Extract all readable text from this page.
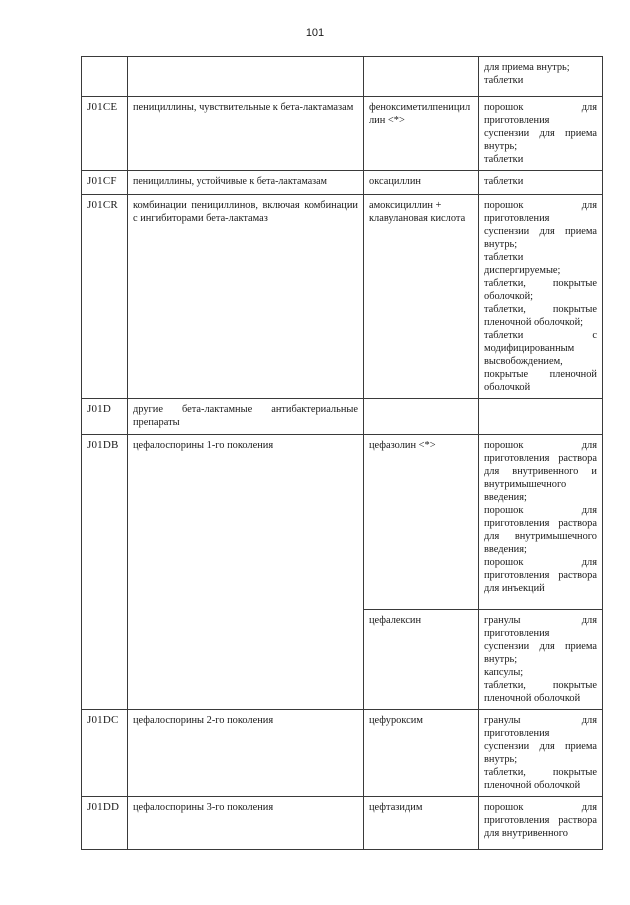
101

			для приема внутрь;
таблетки

J01CE	пенициллины, чувствительные к бета-лактамазам	феноксиметилпенициллин <*>	порошок для приготовления суспензии для приема внутрь;
таблетки

J01CF	пенициллины, устойчивые к бета-лактамазам	оксациллин	таблетки

J01CR	комбинации пенициллинов, включая комбинации с ингибиторами бета-лактамаз	амоксициллин + клавулановая кислота	порошок для приготовления суспензии для приема внутрь;
таблетки диспергируемые;
таблетки, покрытые оболочкой;
таблетки, покрытые пленочной оболочкой;
таблетки с модифицированным высвобождением, покрытые пленочной оболочкой

J01D	другие бета-лактамные антибактериальные препараты		
J01DB	цефалоспорины 1-го поколения	цефазолин <*>	порошок для приготовления раствора для внутривенного и внутримышечного введения;
порошок для приготовления раствора для внутримышечного введения;
порошок для приготовления раствора для инъекций

		цефалексин	гранулы для приготовления суспензии для приема внутрь;
капсулы;
таблетки, покрытые пленочной оболочкой

J01DC	цефалоспорины 2-го поколения	цефуроксим	гранулы для приготовления суспензии для приема внутрь;
таблетки, покрытые пленочной оболочкой

J01DD	цефалоспорины 3-го поколения	цефтазидим	порошок для приготовления раствора для внутривенного
